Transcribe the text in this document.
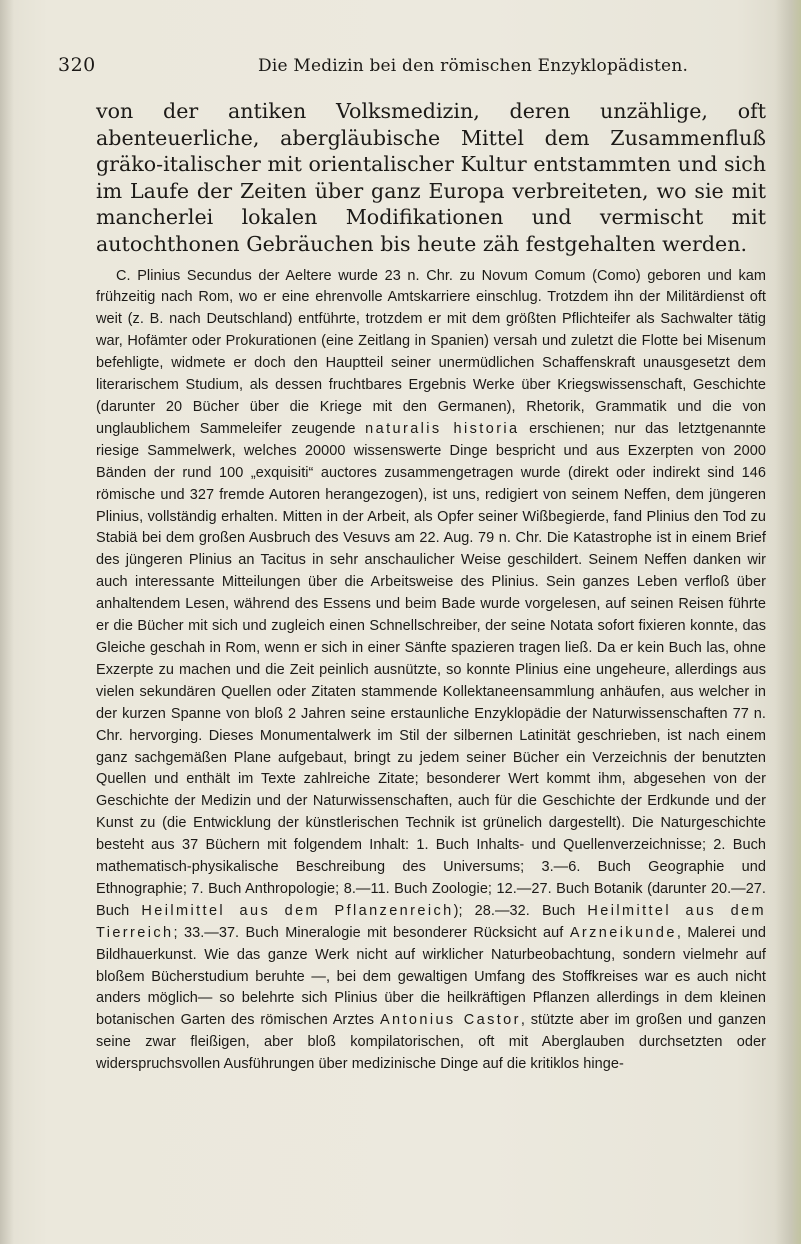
320	Die Medizin bei den römischen Enzyklopädisten.

von der antiken Volksmedizin, deren unzählige, oft abenteuerliche, abergläubische Mittel dem Zusammenfluß gräko-italischer mit orientalischer Kultur entstammten und sich im Laufe der Zeiten über ganz Europa verbreiteten, wo sie mit mancherlei lokalen Modifikationen und vermischt mit autochthonen Gebräuchen bis heute zäh festgehalten werden.

C. Plinius Secundus der Aeltere wurde 23 n. Chr. zu Novum Comum (Como) geboren und kam frühzeitig nach Rom, wo er eine ehrenvolle Amtskarriere einschlug. Trotzdem ihn der Militärdienst oft weit (z. B. nach Deutschland) entführte, trotzdem er mit dem größten Pflichteifer als Sachwalter tätig war, Hofämter oder Prokurationen (eine Zeitlang in Spanien) versah und zuletzt die Flotte bei Misenum befehligte, widmete er doch den Hauptteil seiner unermüdlichen Schaffenskraft unausgesetzt dem literarischem Studium, als dessen fruchtbares Ergebnis Werke über Kriegswissenschaft, Geschichte (darunter 20 Bücher über die Kriege mit den Germanen), Rhetorik, Grammatik und die von unglaublichem Sammeleifer zeugende naturalis historia erschienen; nur das letztgenannte riesige Sammelwerk, welches 20000 wissenswerte Dinge bespricht und aus Exzerpten von 2000 Bänden der rund 100 „exquisiti“ auctores zusammengetragen wurde (direkt oder indirekt sind 146 römische und 327 fremde Autoren herangezogen), ist uns, redigiert von seinem Neffen, dem jüngeren Plinius, vollständig erhalten. Mitten in der Arbeit, als Opfer seiner Wißbegierde, fand Plinius den Tod zu Stabiä bei dem großen Ausbruch des Vesuvs am 22. Aug. 79 n. Chr. Die Katastrophe ist in einem Brief des jüngeren Plinius an Tacitus in sehr anschaulicher Weise geschildert. Seinem Neffen danken wir auch interessante Mitteilungen über die Arbeitsweise des Plinius. Sein ganzes Leben verfloß über anhaltendem Lesen, während des Essens und beim Bade wurde vorgelesen, auf seinen Reisen führte er die Bücher mit sich und zugleich einen Schnellschreiber, der seine Notata sofort fixieren konnte, das Gleiche geschah in Rom, wenn er sich in einer Sänfte spazieren tragen ließ. Da er kein Buch las, ohne Exzerpte zu machen und die Zeit peinlich ausnützte, so konnte Plinius eine ungeheure, allerdings aus vielen sekundären Quellen oder Zitaten stammende Kollektaneensammlung anhäufen, aus welcher in der kurzen Spanne von bloß 2 Jahren seine erstaunliche Enzyklopädie der Naturwissenschaften 77 n. Chr. hervorging. Dieses Monumentalwerk im Stil der silbernen Latinität geschrieben, ist nach einem ganz sachgemäßen Plane aufgebaut, bringt zu jedem seiner Bücher ein Verzeichnis der benutzten Quellen und enthält im Texte zahlreiche Zitate; besonderer Wert kommt ihm, abgesehen von der Geschichte der Medizin und der Naturwissenschaften, auch für die Geschichte der Erdkunde und der Kunst zu (die Entwicklung der künstlerischen Technik ist grünelich dargestellt). Die Naturgeschichte besteht aus 37 Büchern mit folgendem Inhalt: 1. Buch Inhalts- und Quellenverzeichnisse; 2. Buch mathematisch-physikalische Beschreibung des Universums; 3.—6. Buch Geographie und Ethnographie; 7. Buch Anthropologie; 8.—11. Buch Zoologie; 12.—27. Buch Botanik (darunter 20.—27. Buch Heilmittel aus dem Pflanzenreich); 28.—32. Buch Heilmittel aus dem Tierreich; 33.—37. Buch Mineralogie mit besonderer Rücksicht auf Arzneikunde, Malerei und Bildhauerkunst. Wie das ganze Werk nicht auf wirklicher Naturbeobachtung, sondern vielmehr auf bloßem Bücherstudium beruhte —, bei dem gewaltigen Umfang des Stoffkreises war es auch nicht anders möglich— so belehrte sich Plinius über die heilkräftigen Pflanzen allerdings in dem kleinen botanischen Garten des römischen Arztes Antonius Castor, stützte aber im großen und ganzen seine zwar fleißigen, aber bloß kompilatorischen, oft mit Aberglauben durchsetzten oder widerspruchsvollen Ausführungen über medizinische Dinge auf die kritiklos hinge-
